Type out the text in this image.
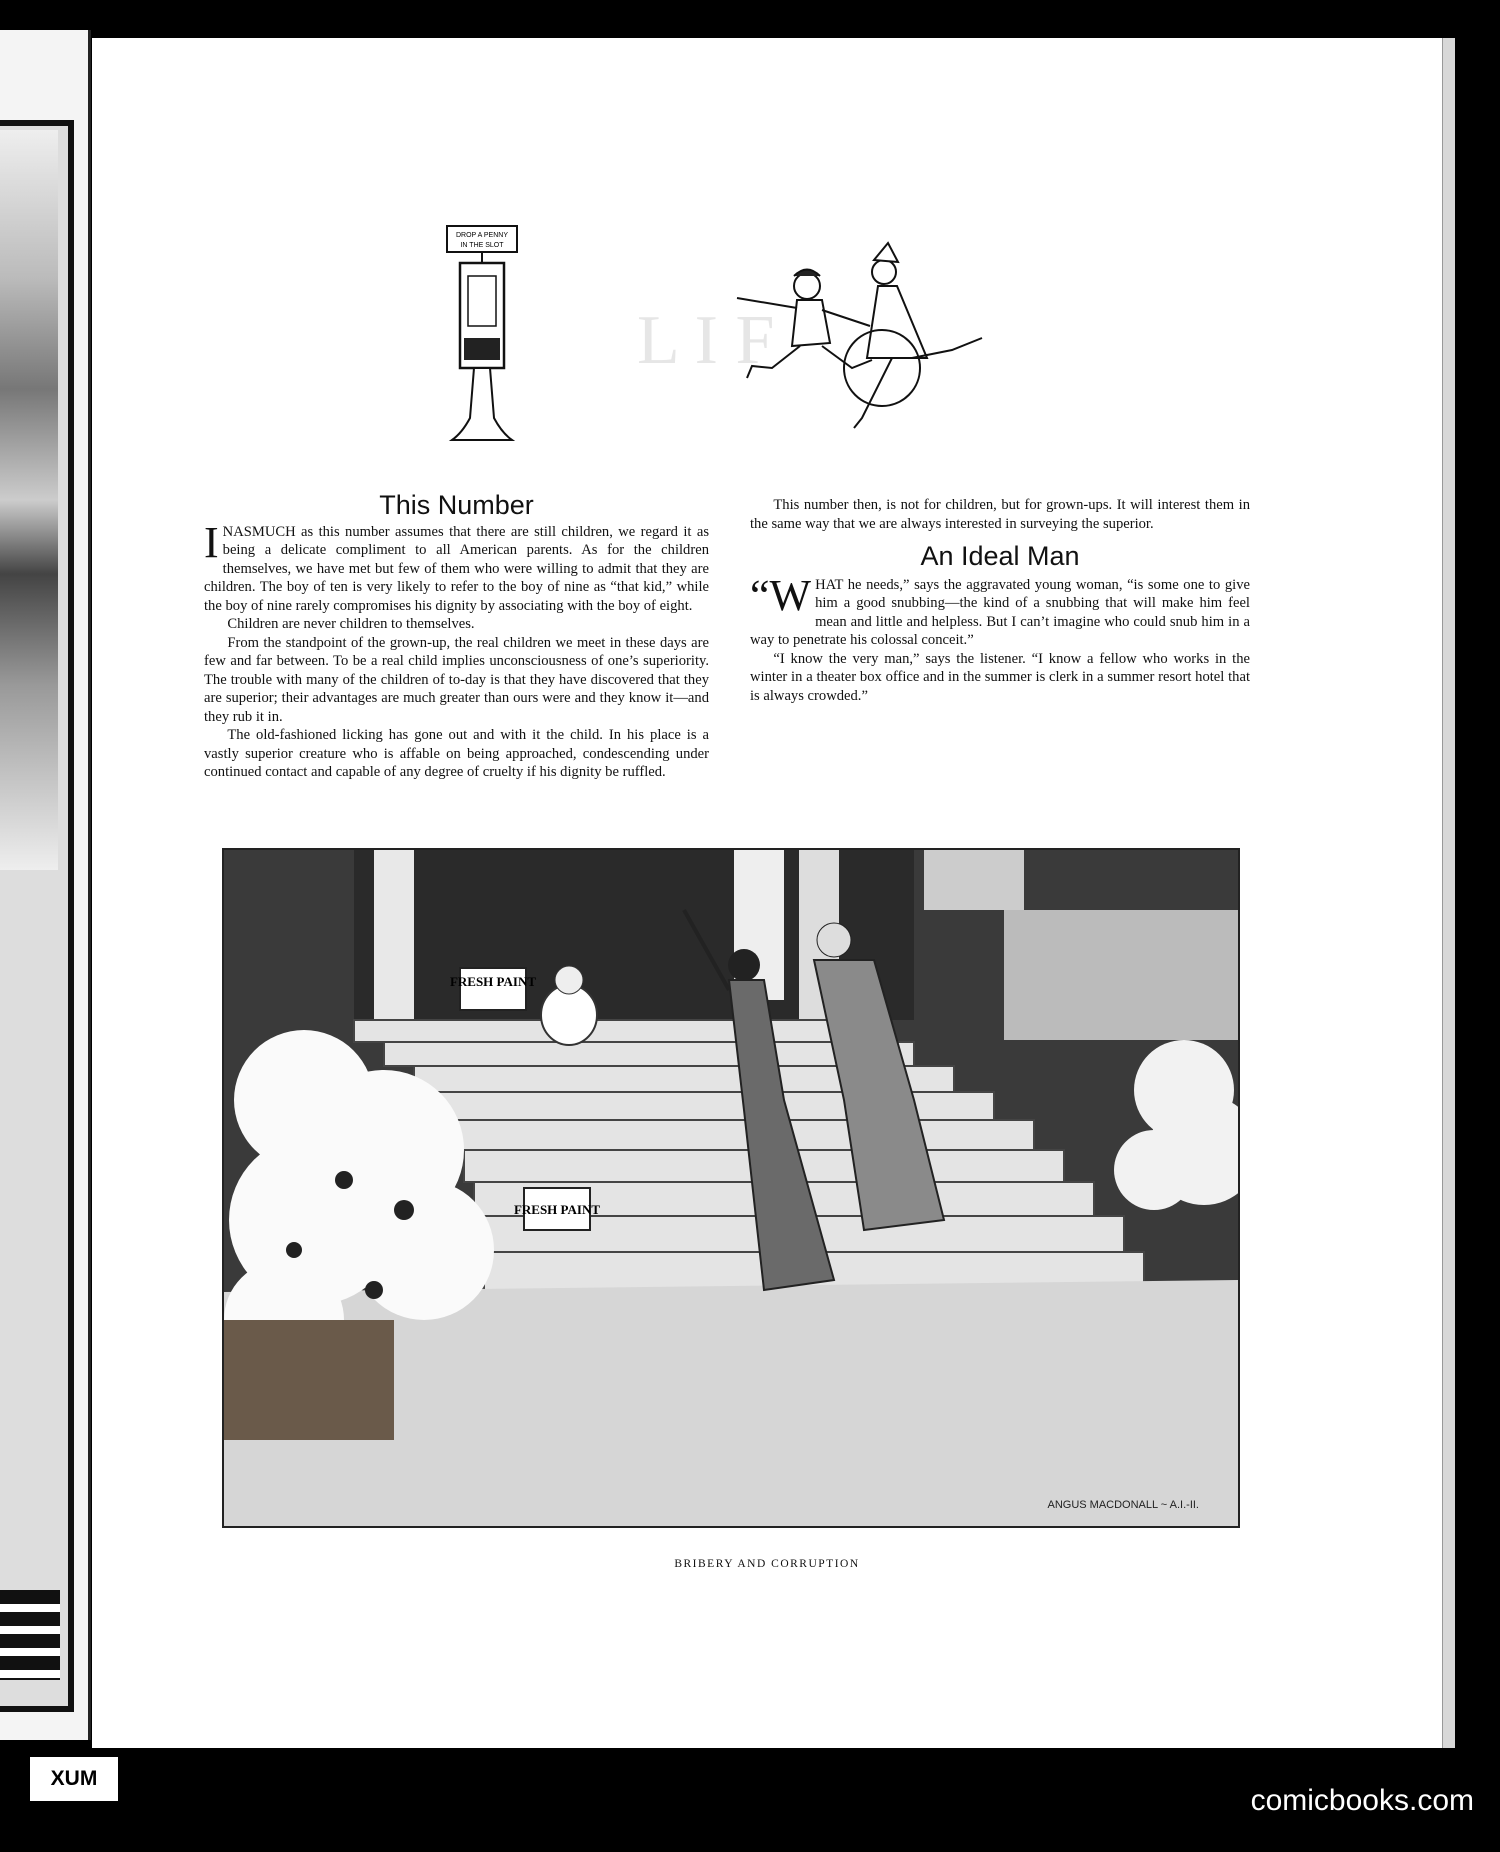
DROP A PENNY
IN THE SLOT
L I F
This Number

INASMUCH as this number assumes that there are still children, we regard it as being a delicate compliment to all American parents. As for the children themselves, we have met but few of them who were willing to admit that they are children. The boy of ten is very likely to refer to the boy of nine as “that kid,” while the boy of nine rarely compromises his dignity by associating with the boy of eight.

Children are never children to themselves.

From the standpoint of the grown-up, the real children we meet in these days are few and far between. To be a real child implies unconsciousness of one’s superiority. The trouble with many of the children of to-day is that they have discovered that they are superior; their advantages are much greater than ours were and they know it—and they rub it in.

The old-fashioned licking has gone out and with it the child. In his place is a vastly superior creature who is affable on being approached, condescending under continued contact and capable of any degree of cruelty if his dignity be ruffled.

This number then, is not for children, but for grown-ups. It will interest them in the same way that we are always interested in surveying the superior.

An Ideal Man

“WHAT he needs,” says the aggravated young woman, “is some one to give him a good snubbing—the kind of a snubbing that will make him feel mean and little and helpless. But I can’t imagine who could snub him in a way to penetrate his colossal conceit.”

“I know the very man,” says the listener. “I know a fellow who works in the winter in a theater box office and in the summer is clerk in a summer resort hotel that is always crowded.”

FRESH PAINT
FRESH PAINT
ANGUS MACDONALL ~ A.I.-II.
BRIBERY AND CORRUPTION
XUM
comicbooks.com
